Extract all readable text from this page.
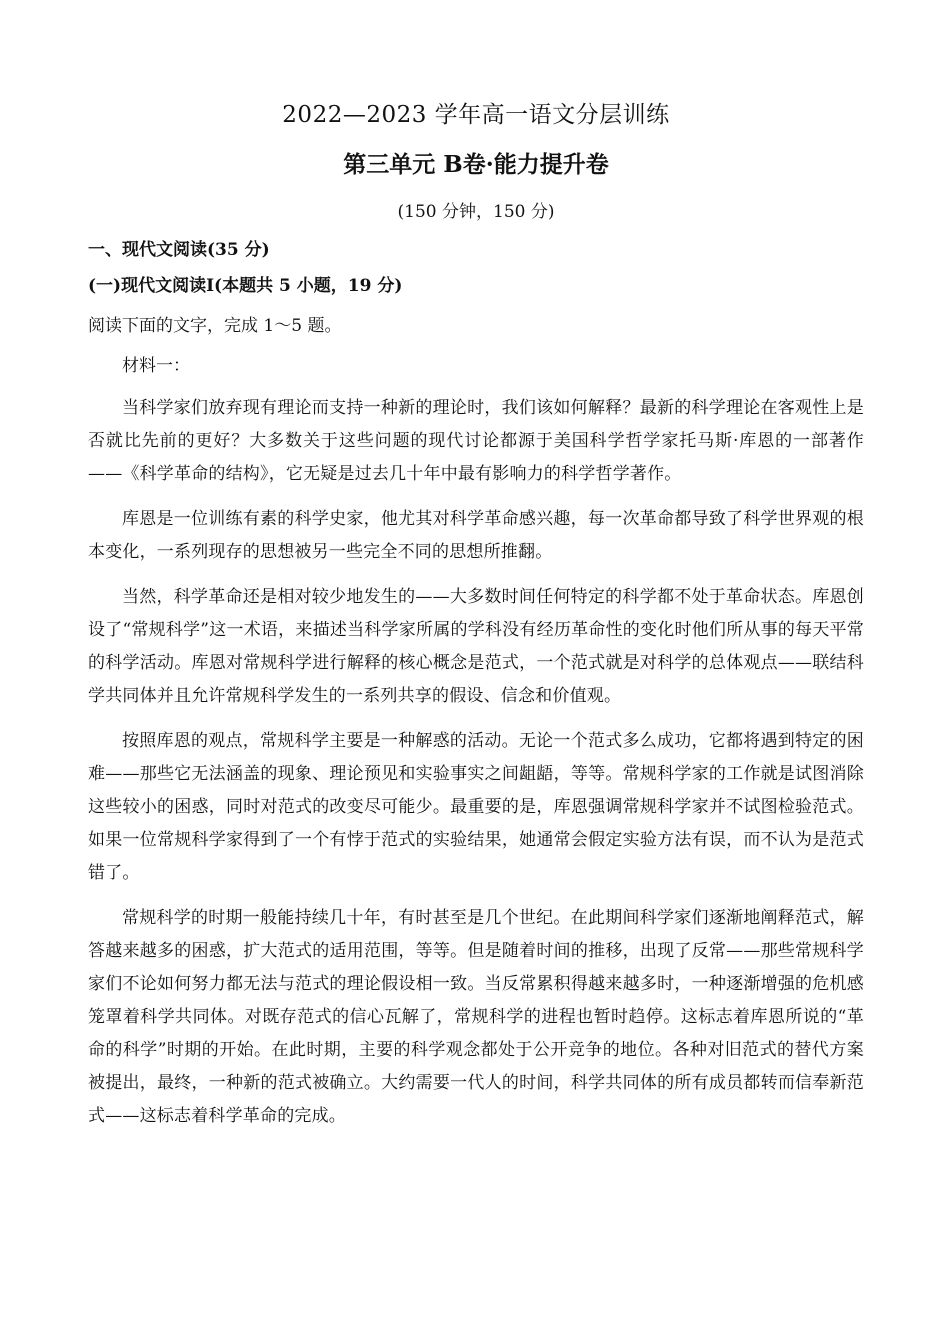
2022—2023 学年高一语文分层训练
第三单元 B卷·能力提升卷

(150 分钟，150 分)

一、现代文阅读(35 分)

(一)现代文阅读Ⅰ(本题共 5 小题，19 分)

阅读下面的文字，完成 1～5 题。

材料一：

当科学家们放弃现有理论而支持一种新的理论时，我们该如何解释？最新的科学理论在客观性上是否就比先前的更好？大多数关于这些问题的现代讨论都源于美国科学哲学家托马斯·库恩的一部著作——《科学革命的结构》，它无疑是过去几十年中最有影响力的科学哲学著作。

库恩是一位训练有素的科学史家，他尤其对科学革命感兴趣，每一次革命都导致了科学世界观的根本变化，一系列现存的思想被另一些完全不同的思想所推翻。

当然，科学革命还是相对较少地发生的——大多数时间任何特定的科学都不处于革命状态。库恩创设了“常规科学”这一术语，来描述当科学家所属的学科没有经历革命性的变化时他们所从事的每天平常的科学活动。库恩对常规科学进行解释的核心概念是范式，一个范式就是对科学的总体观点——联结科学共同体并且允许常规科学发生的一系列共享的假设、信念和价值观。

按照库恩的观点，常规科学主要是一种解惑的活动。无论一个范式多么成功，它都将遇到特定的困难——那些它无法涵盖的现象、理论预见和实验事实之间龃龉，等等。常规科学家的工作就是试图消除这些较小的困惑，同时对范式的改变尽可能少。最重要的是，库恩强调常规科学家并不试图检验范式。如果一位常规科学家得到了一个有悖于范式的实验结果，她通常会假定实验方法有误，而不认为是范式错了。

常规科学的时期一般能持续几十年，有时甚至是几个世纪。在此期间科学家们逐渐地阐释范式，解答越来越多的困惑，扩大范式的适用范围，等等。但是随着时间的推移，出现了反常——那些常规科学家们不论如何努力都无法与范式的理论假设相一致。当反常累积得越来越多时，一种逐渐增强的危机感笼罩着科学共同体。对既存范式的信心瓦解了，常规科学的进程也暂时趋停。这标志着库恩所说的“革命的科学”时期的开始。在此时期，主要的科学观念都处于公开竞争的地位。各种对旧范式的替代方案被提出，最终，一种新的范式被确立。大约需要一代人的时间，科学共同体的所有成员都转而信奉新范式——这标志着科学革命的完成。
